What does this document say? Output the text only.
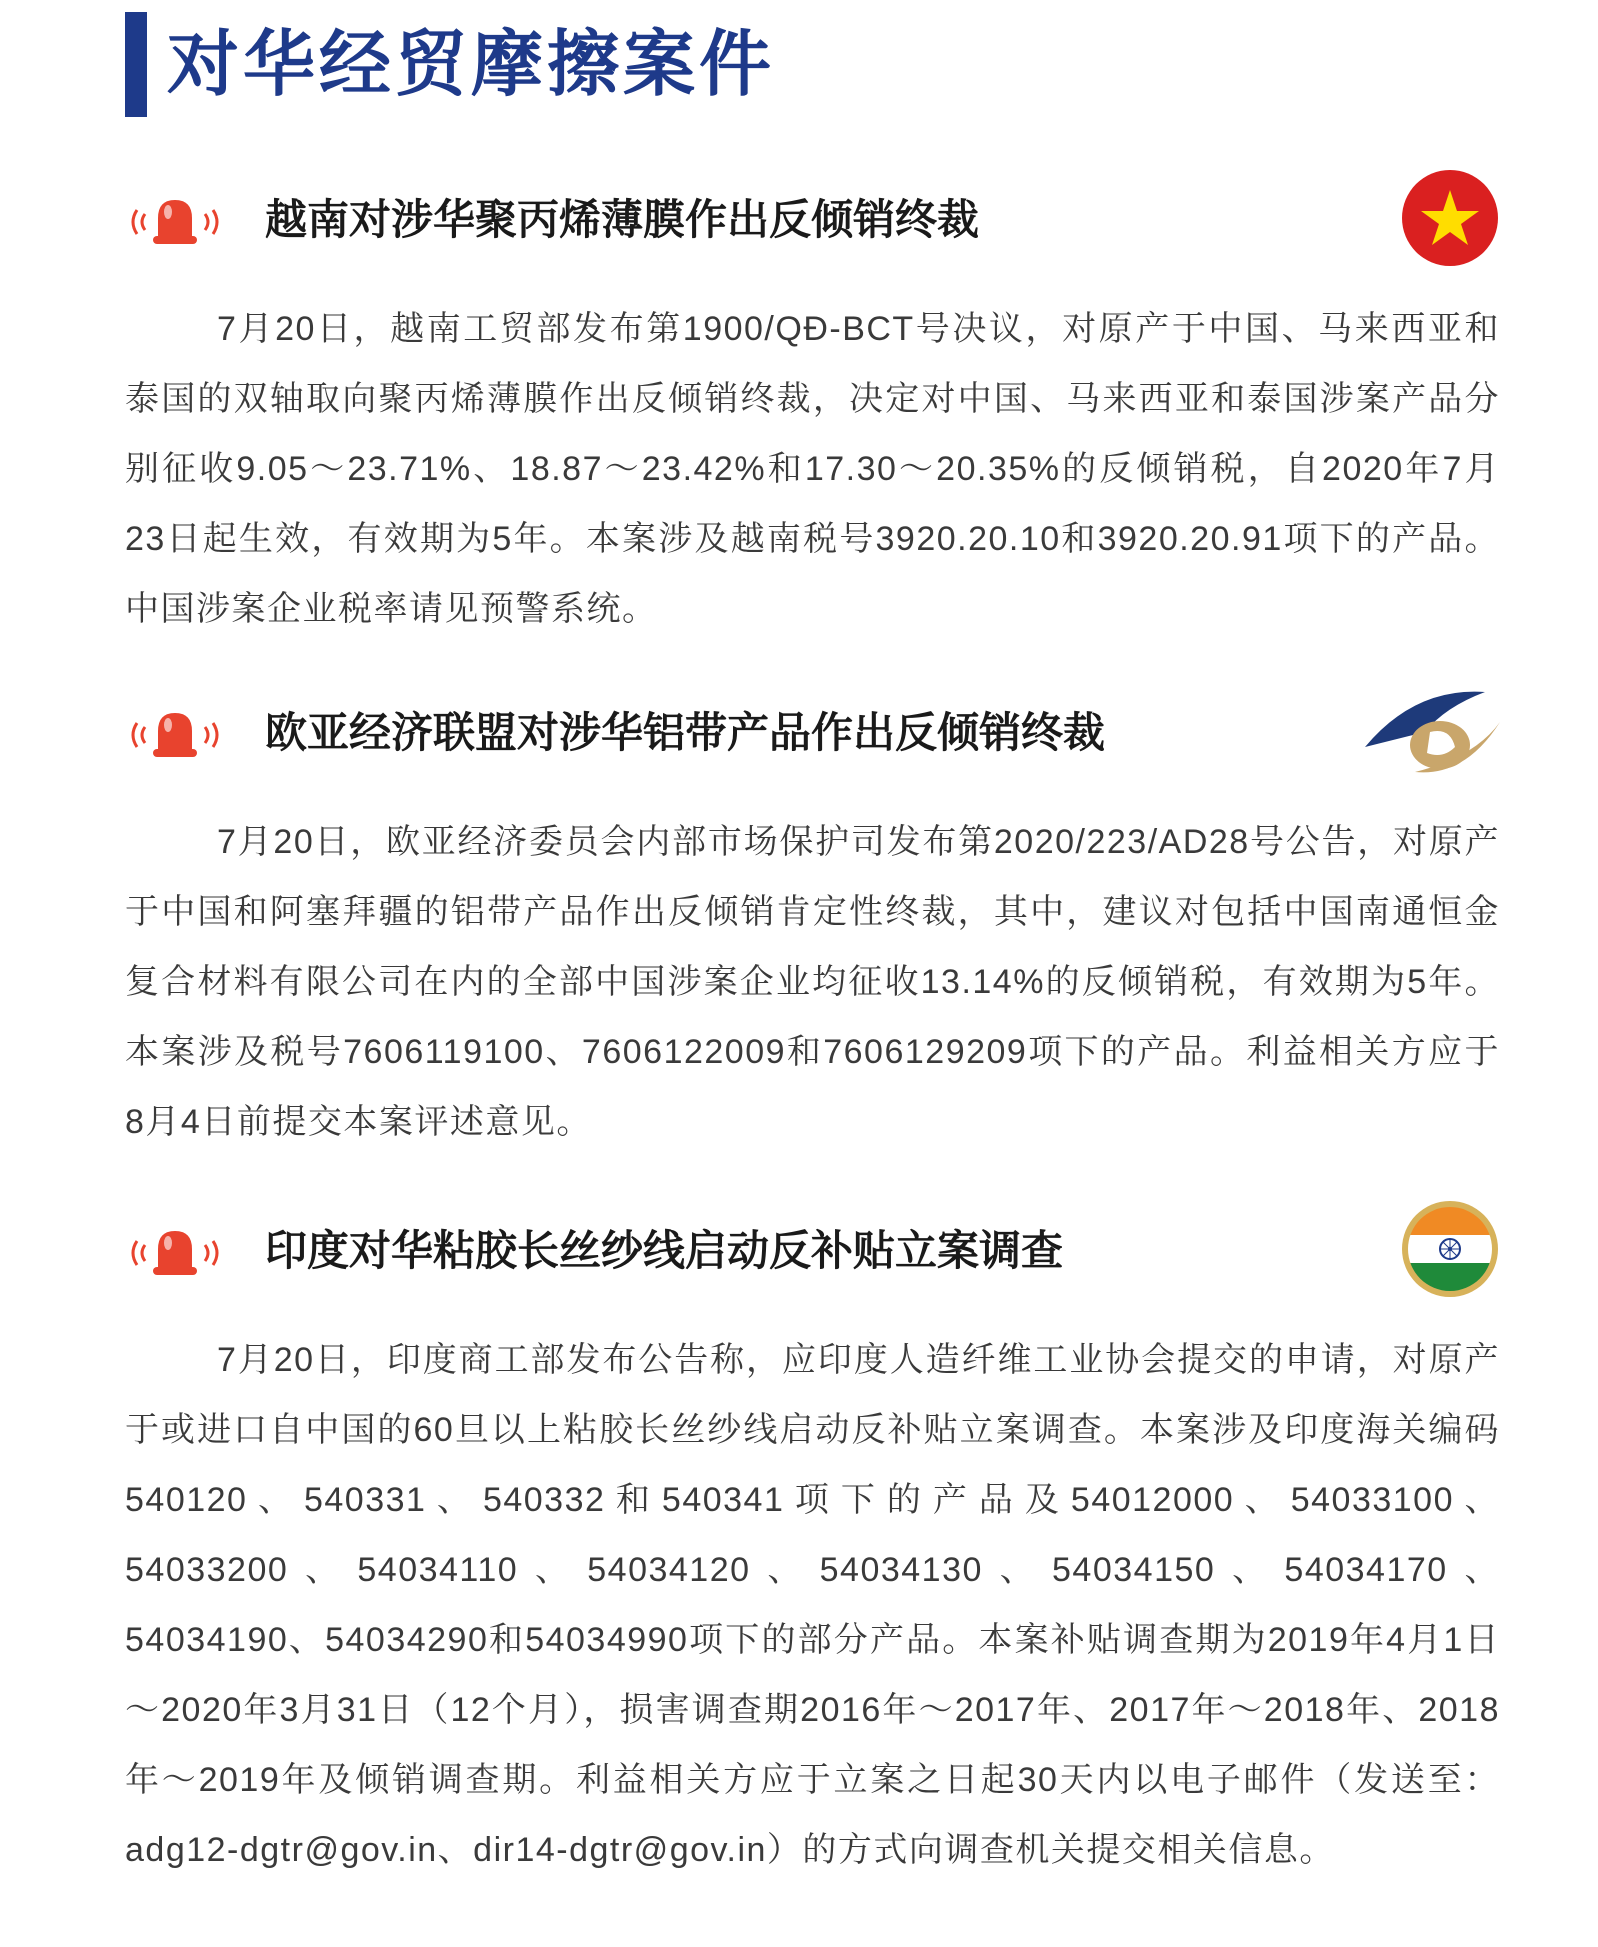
对华经贸摩擦案件
越南对涉华聚丙烯薄膜作出反倾销终裁

7月20日，越南工贸部发布第1900/QĐ-BCT号决议，对原产于中国、马来西亚和泰国的双轴取向聚丙烯薄膜作出反倾销终裁，决定对中国、马来西亚和泰国涉案产品分别征收9.05～23.71%、18.87～23.42%和17.30～20.35%的反倾销税，自2020年7月23日起生效，有效期为5年。本案涉及越南税号3920.20.10和3920.20.91项下的产品。中国涉案企业税率请见预警系统。

欧亚经济联盟对涉华铝带产品作出反倾销终裁

7月20日，欧亚经济委员会内部市场保护司发布第2020/223/AD28号公告，对原产于中国和阿塞拜疆的铝带产品作出反倾销肯定性终裁，其中，建议对包括中国南通恒金复合材料有限公司在内的全部中国涉案企业均征收13.14%的反倾销税，有效期为5年。本案涉及税号7606119100、7606122009和7606129209项下的产品。利益相关方应于8月4日前提交本案评述意见。

印度对华粘胶长丝纱线启动反补贴立案调查

7月20日，印度商工部发布公告称，应印度人造纤维工业协会提交的申请，对原产于或进口自中国的60旦以上粘胶长丝纱线启动反补贴立案调查。本案涉及印度海关编码540120、540331、540332和540341项下的产品及54012000、54033100、54033200、54034110、54034120、54034130、54034150、54034170、54034190、54034290和54034990项下的部分产品。本案补贴调查期为2019年4月1日～2020年3月31日（12个月），损害调查期2016年～2017年、2017年～2018年、2018年～2019年及倾销调查期。利益相关方应于立案之日起30天内以电子邮件（发送至：adg12-dgtr@gov.in、dir14-dgtr@gov.in）的方式向调查机关提交相关信息。
